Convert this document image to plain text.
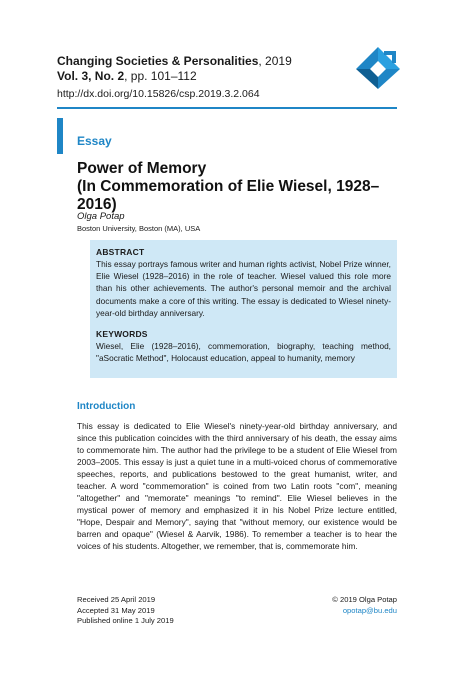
Changing Societies & Personalities, 2019
Vol. 3, No. 2, pp. 101–112
http://dx.doi.org/10.15826/csp.2019.3.2.064
Essay
Power of Memory
(In Commemoration of Elie Wiesel, 1928–2016)
Olga Potap
Boston University, Boston (MA), USA
ABSTRACT
This essay portrays famous writer and human rights activist, Nobel Prize winner, Elie Wiesel (1928–2016) in the role of teacher. Wiesel valued this role more than his other achievements. The author's personal memoir and the archival documents make a core of this writing. The essay is dedicated to Wiesel ninety-year-old birthday anniversary.
KEYWORDS
Wiesel, Elie (1928–2016), commemoration, biography, teaching method, "aSocratic Method", Holocaust education, appeal to humanity, memory
Introduction
This essay is dedicated to Elie Wiesel's ninety-year-old birthday anniversary, and since this publication coincides with the third anniversary of his death, the essay aims to commemorate him. The author had the privilege to be a student of Elie Wiesel from 2003–2005. This essay is just a quiet tune in a multi-voiced chorus of commemorative speeches, reports, and publications bestowed to the great humanist, writer, and teacher. A word "commemoration" is coined from two Latin roots "com", meaning "altogether" and "memorate" meanings "to remind". Elie Wiesel believes in the mystical power of memory and emphasized it in his Nobel Prize lecture entitled, "Hope, Despair and Memory", saying that "without memory, our existence would be barren and opaque" (Wiesel & Aarvik, 1986). To remember a teacher is to hear the voices of his students. Altogether, we remember, that is, commemorate him.
Received 25 April 2019
Accepted 31 May 2019
Published online 1 July 2019
© 2019 Olga Potap
opotap@bu.edu
